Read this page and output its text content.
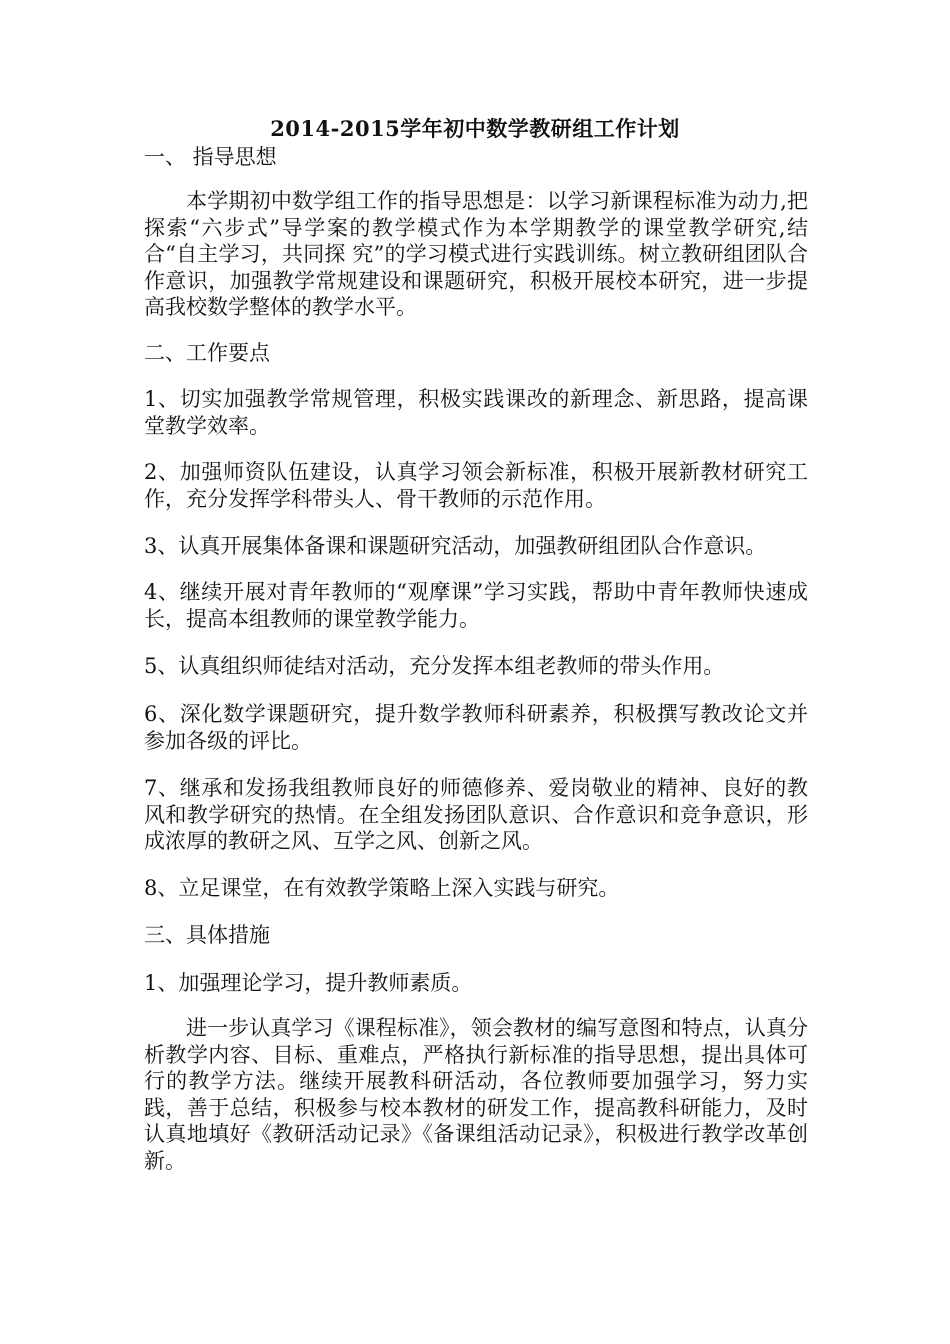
2014-2015学年初中数学教研组工作计划

一、 指导思想

本学期初中数学组工作的指导思想是：以学习新课程标准为动力,把探索“六步式”导学案的教学模式作为本学期教学的课堂教学研究,结合“自主学习，共同探 究”的学习模式进行实践训练。树立教研组团队合作意识，加强教学常规建设和课题研究，积极开展校本研究，进一步提高我校数学整体的教学水平。

二、工作要点

1、切实加强教学常规管理，积极实践课改的新理念、新思路，提高课堂教学效率。

2、加强师资队伍建设，认真学习领会新标准，积极开展新教材研究工作，充分发挥学科带头人、骨干教师的示范作用。

3、认真开展集体备课和课题研究活动，加强教研组团队合作意识。

4、继续开展对青年教师的“观摩课”学习实践，帮助中青年教师快速成长，提高本组教师的课堂教学能力。

5、认真组织师徒结对活动，充分发挥本组老教师的带头作用。

6、深化数学课题研究，提升数学教师科研素养，积极撰写教改论文并参加各级的评比。

7、继承和发扬我组教师良好的师德修养、爱岗敬业的精神、良好的教风和教学研究的热情。在全组发扬团队意识、合作意识和竞争意识，形成浓厚的教研之风、互学之风、创新之风。

8、立足课堂，在有效教学策略上深入实践与研究。

三、具体措施

1、加强理论学习，提升教师素质。

进一步认真学习《课程标准》，领会教材的编写意图和特点，认真分析教学内容、目标、重难点，严格执行新标准的指导思想，提出具体可行的教学方法。继续开展教科研活动，各位教师要加强学习，努力实践，善于总结，积极参与校本教材的研发工作，提高教科研能力，及时认真地填好《教研活动记录》《备课组活动记录》，积极进行教学改革创新。
